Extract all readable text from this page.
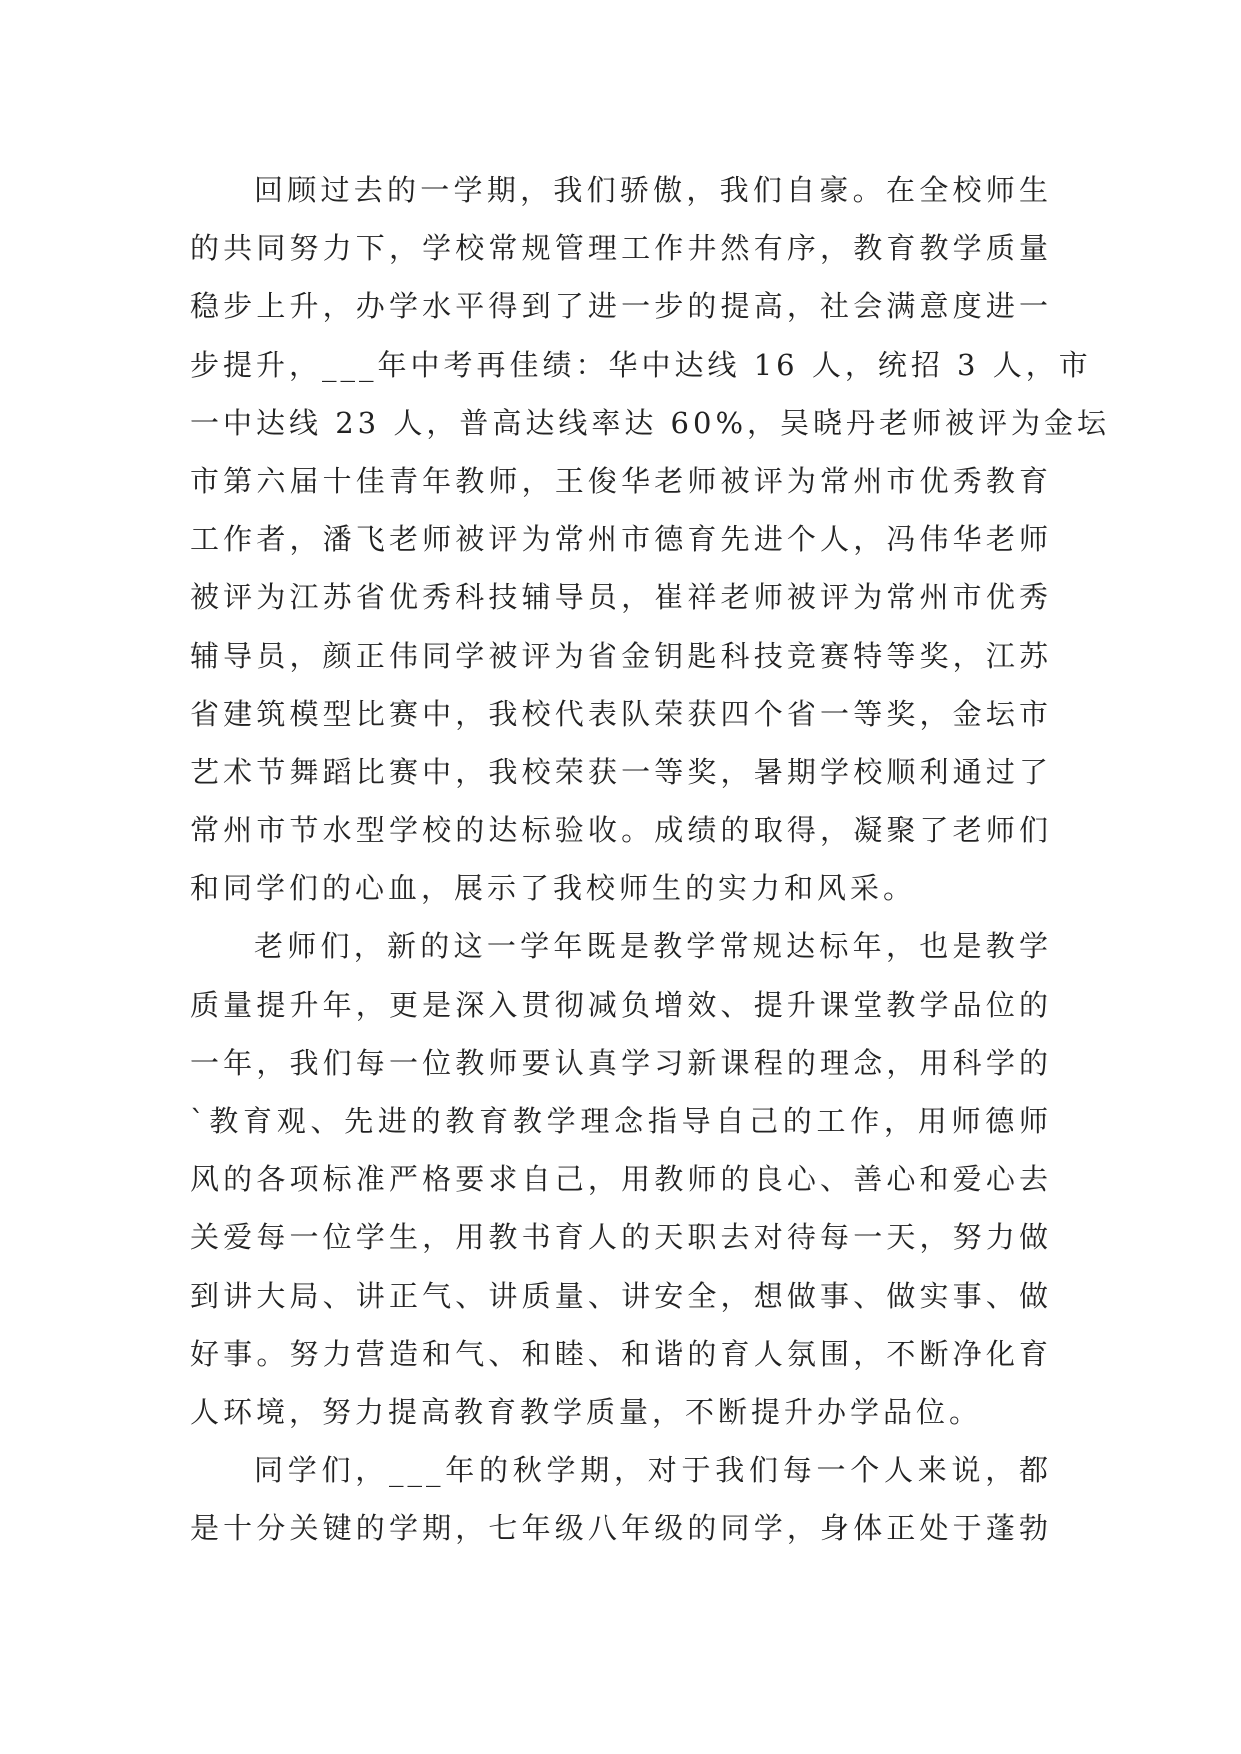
回顾过去的一学期，我们骄傲，我们自豪。在全校师生
的共同努力下，学校常规管理工作井然有序，教育教学质量
稳步上升，办学水平得到了进一步的提高，社会满意度进一
步提升，___年中考再佳绩：华中达线 16 人，统招 3 人，市
一中达线 23 人，普高达线率达 60%，吴晓丹老师被评为金坛
市第六届十佳青年教师，王俊华老师被评为常州市优秀教育
工作者，潘飞老师被评为常州市德育先进个人，冯伟华老师
被评为江苏省优秀科技辅导员，崔祥老师被评为常州市优秀
辅导员，颜正伟同学被评为省金钥匙科技竞赛特等奖，江苏
省建筑模型比赛中，我校代表队荣获四个省一等奖，金坛市
艺术节舞蹈比赛中，我校荣获一等奖，暑期学校顺利通过了
常州市节水型学校的达标验收。成绩的取得，凝聚了老师们
和同学们的心血，展示了我校师生的实力和风采。
老师们，新的这一学年既是教学常规达标年，也是教学
质量提升年，更是深入贯彻减负增效、提升课堂教学品位的
一年，我们每一位教师要认真学习新课程的理念，用科学的
`教育观、先进的教育教学理念指导自己的工作，用师德师
风的各项标准严格要求自己，用教师的良心、善心和爱心去
关爱每一位学生，用教书育人的天职去对待每一天，努力做
到讲大局、讲正气、讲质量、讲安全，想做事、做实事、做
好事。努力营造和气、和睦、和谐的育人氛围，不断净化育
人环境，努力提高教育教学质量，不断提升办学品位。
同学们，___年的秋学期，对于我们每一个人来说，都
是十分关键的学期，七年级八年级的同学，身体正处于蓬勃
